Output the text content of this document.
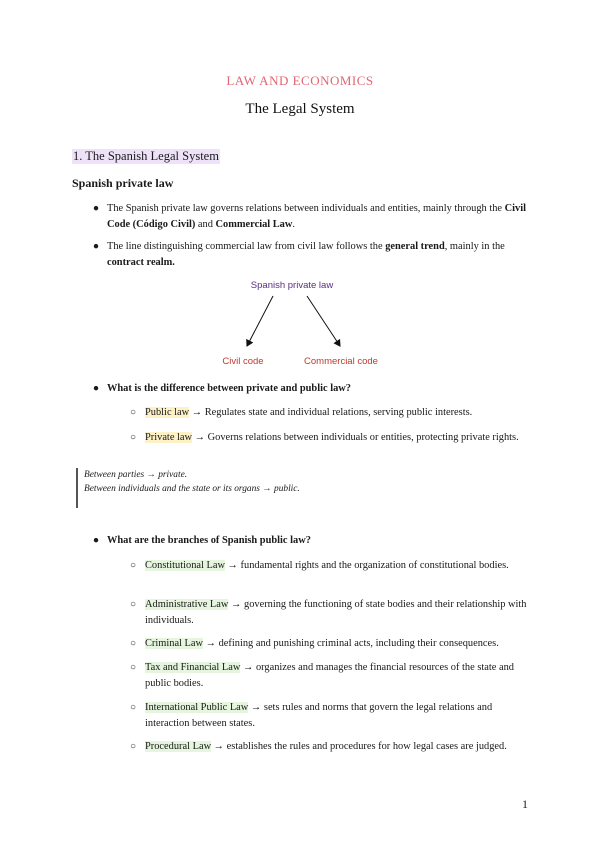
LAW AND ECONOMICS
The Legal System
1. The Spanish Legal System
Spanish private law
● The Spanish private law governs relations between individuals and entities, mainly through the Civil Code (Código Civil) and Commercial Law.
● The line distinguishing commercial law from civil law follows the general trend, mainly in the contract realm.
Spanish private law
Civil code	Commercial code
● What is the difference between private and public law?
○ Public law → Regulates state and individual relations, serving public interests.
○ Private law → Governs relations between individuals or entities, protecting private rights.
Between parties → private.
Between individuals and the state or its organs → public.
● What are the branches of Spanish public law?
○ Constitutional Law → fundamental rights and the organization of constitutional bodies.
○ Administrative Law → governing the functioning of state bodies and their relationship with individuals.
○ Criminal Law → defining and punishing criminal acts, including their consequences.
○ Tax and Financial Law → organizes and manages the financial resources of the state and public bodies.
○ International Public Law → sets rules and norms that govern the legal relations and interaction between states.
○ Procedural Law → establishes the rules and procedures for how legal cases are judged.
1
